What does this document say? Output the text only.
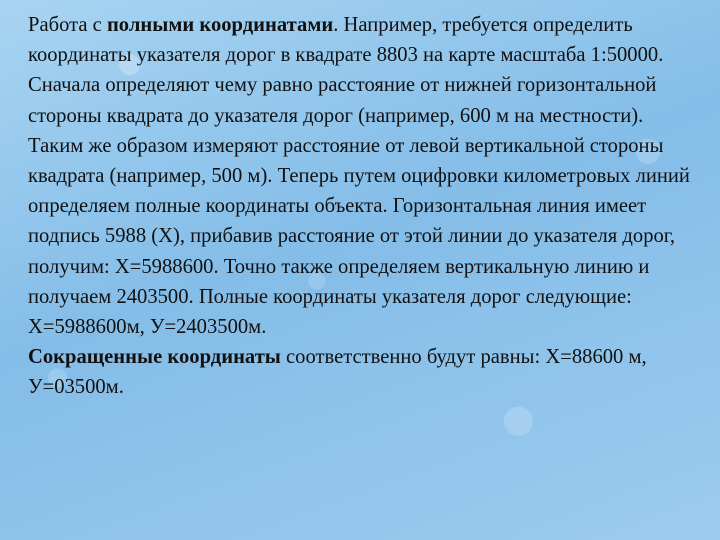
Работа с полными координатами. Например, требуется определить координаты указателя дорог в квадрате 8803 на карте масштаба 1:50000. Сначала определяют чему равно расстояние от нижней горизонтальной стороны квадрата до указателя дорог (например, 600 м на местности). Таким же образом измеряют расстояние от левой вертикальной стороны квадрата (например, 500 м). Теперь путем оцифровки километровых линий определяем полные координаты объекта. Горизонтальная линия имеет подпись 5988 (Х), прибавив расстояние от этой линии до указателя дорог, получим: Х=5988600. Точно также определяем вертикальную линию и получаем 2403500. Полные координаты указателя дорог следующие: Х=5988600м, У=2403500м.

Сокращенные координаты соответственно будут равны: Х=88600 м, У=03500м.
